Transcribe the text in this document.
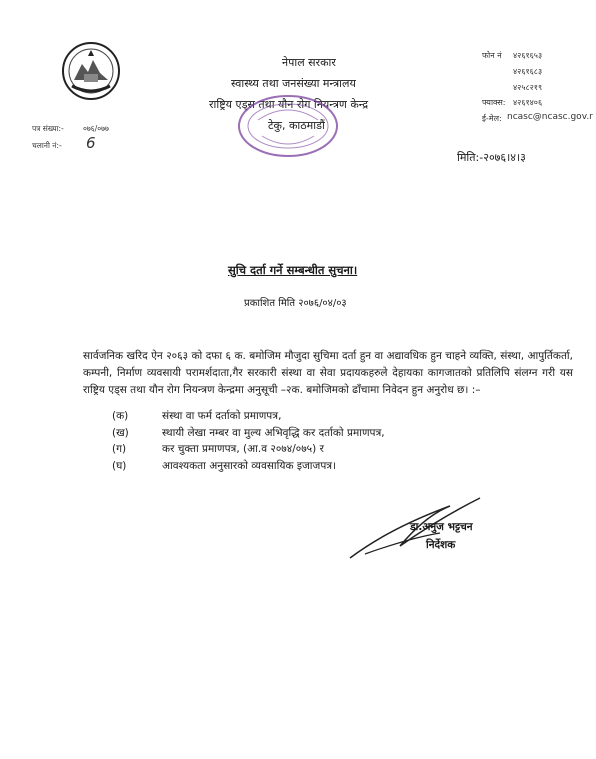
नेपाल सरकार
स्वास्थ्य तथा जनसंख्या मन्त्रालय
राष्ट्रिय एड्स तथा यौन रोग नियन्त्रण केन्द्र
टेकु, काठमाडौं
फोन नं ४२६१६५३
४२६१६८३
४२५८२१९
फ्याक्स: ४२६१४०६
ई-मेल: ncasc@ncasc.gov.r
पत्र संख्या:-	०७६/०७७
चलानी नं:- 6
मिति:-२०७६।४।३
सुचि दर्ता गर्ने सम्बन्धीत सुचना।
प्रकाशित मिति २०७६/०४/०३
सार्वजनिक खरिद ऐन २०६३ को दफा ६ क. बमोजिम मौजुदा सुचिमा दर्ता हुन वा अद्यावधिक हुन चाहने व्यक्ति, संस्था, आपुर्तिकर्ता, कम्पनी, निर्माण व्यवसायी परामर्शदाता,गैर सरकारी संस्था वा सेवा प्रदायकहरुले देहायका कागजातको प्रतिलिपि संलग्न गरी यस राष्ट्रिय एड्स तथा यौन रोग नियन्त्रण केन्द्रमा अनुसूची –२क. बमोजिमको ढाँचामा निवेदन हुन अनुरोध छ। :–
(क)	संस्था वा फर्म दर्ताको प्रमाणपत्र,
(ख)	स्थायी लेखा नम्बर वा मुल्य अभिवृद्धि कर दर्ताको प्रमाणपत्र,
(ग)	कर चुक्ता प्रमाणपत्र, (आ.व २०७४/०७५) र
(घ)	आवश्यकता अनुसारको व्यवसायिक इजाजपत्र।
डा.अनुज भट्टचन
निर्देशक
